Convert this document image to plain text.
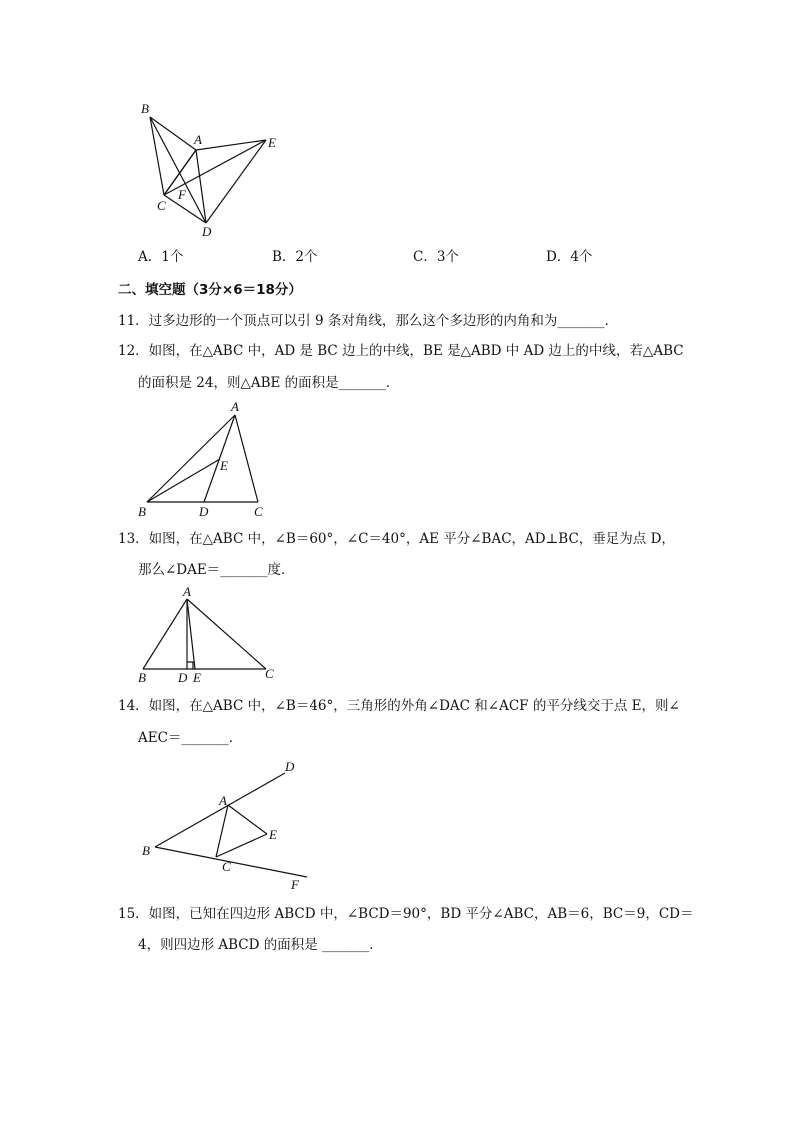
B
A	E
C
F
D
A．1个	B．2个	C．3个	D．4个
二、填空题（3分×6＝18分）
11．过多边形的一个顶点可以引 9 条对角线，那么这个多边形的内角和为_______．
12．如图，在△ABC 中，AD 是 BC 边上的中线，BE 是△ABD 中 AD 边上的中线，若△ABC
的面积是 24，则△ABE 的面积是_______．
A
E
B	D	C
13．如图，在△ABC 中，∠B＝60°，∠C＝40°，AE 平分∠BAC，AD⊥BC，垂足为点 D，
那么∠DAE＝_______度．
A
B D E	C
14．如图，在△ABC 中，∠B＝46°，三角形的外角∠DAC 和∠ACF 的平分线交于点 E，则∠
AEC＝_______．
D
A
E
B
C
F
15．如图，已知在四边形 ABCD 中，∠BCD＝90°，BD 平分∠ABC，AB＝6，BC＝9，CD＝
4，则四边形 ABCD 的面积是 _______．
